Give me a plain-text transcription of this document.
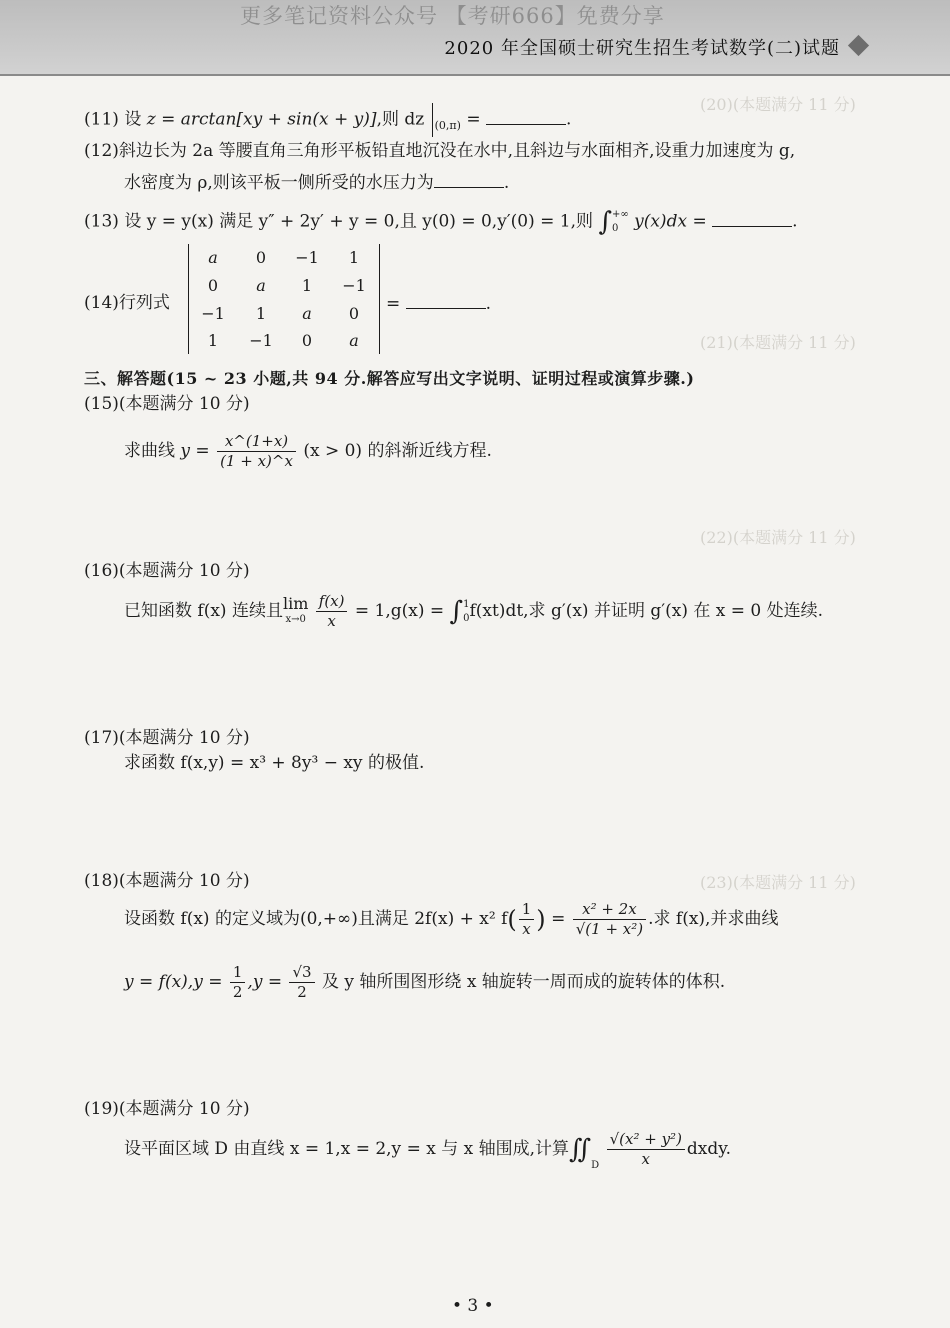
更多笔记资料公众号 【考研666】免费分享
2020 年全国硕士研究生招生考试数学(二)试题
(20)(本题满分 11 分)
(21)(本题满分 11 分)
(22)(本题满分 11 分)
(23)(本题满分 11 分)
(11) 设 z = arctan[xy + sin(x + y)],则 dz $_{(0,\pi)}$ =	.
(12)斜边长为 2a 等腰直角三角形平板铅直地沉没在水中,且斜边与水面相齐,设重力加速度为 g,
水密度为 ρ,则该平板一侧所受的水压力为	.
(13) 设 y = y(x) 满足 y″ + 2y′ + y = 0,且 y(0) = 0,y′(0) = 1,则 ∫ +∞
0 y(x)dx =	.
(14)行列式
a	0	−1	1
0	a	1	−1
−1	1	a	0
1	−1	0	a
=	.
三、解答题(15 ~ 23 小题,共 94 分.解答应写出文字说明、证明过程或演算步骤.)
(15)(本题满分 10 分)
求曲线 $y = \frac{x\^{}(1+x)}{(1 + x)\^{}x} (x > 0)$ 的斜渐近线方程.
(16)(本题满分 10 分)
已知函数 f(x) 连续且 lim
x→0
$\frac{f(x)}{x} = 1,g(x)$ = ∫ 1
0 f(xt)dt,求 g′(x) 并证明 g′(x) 在 x = 0 处连续.
(17)(本题满分 10 分)
求函数 f(x,y) = x³ + 8y³ − xy 的极值.
(18)(本题满分 10 分)
设函数 f(x) 的定义域为(0,+∞)且满足 2f(x) + x² $f( \frac{1}{x}$ ) = $\frac{\text{x² + 2x}}{\text{√(1 + x²)}}$ .求 f(x),并求曲线
$y = f(x),y = \frac{1}{2} ,y = \frac{√3}{2}$ 及 y 轴所围图形绕 x 轴旋转一周而成的旋转体的体积.
(19)(本题满分 10 分)
设平面区域 D 由直线 x = 1,x = 2,y = x 与 x 轴围成,计算$∬_D \frac{\text{√(x² + y²)}}{x}$ dxdy.
• 3 •
